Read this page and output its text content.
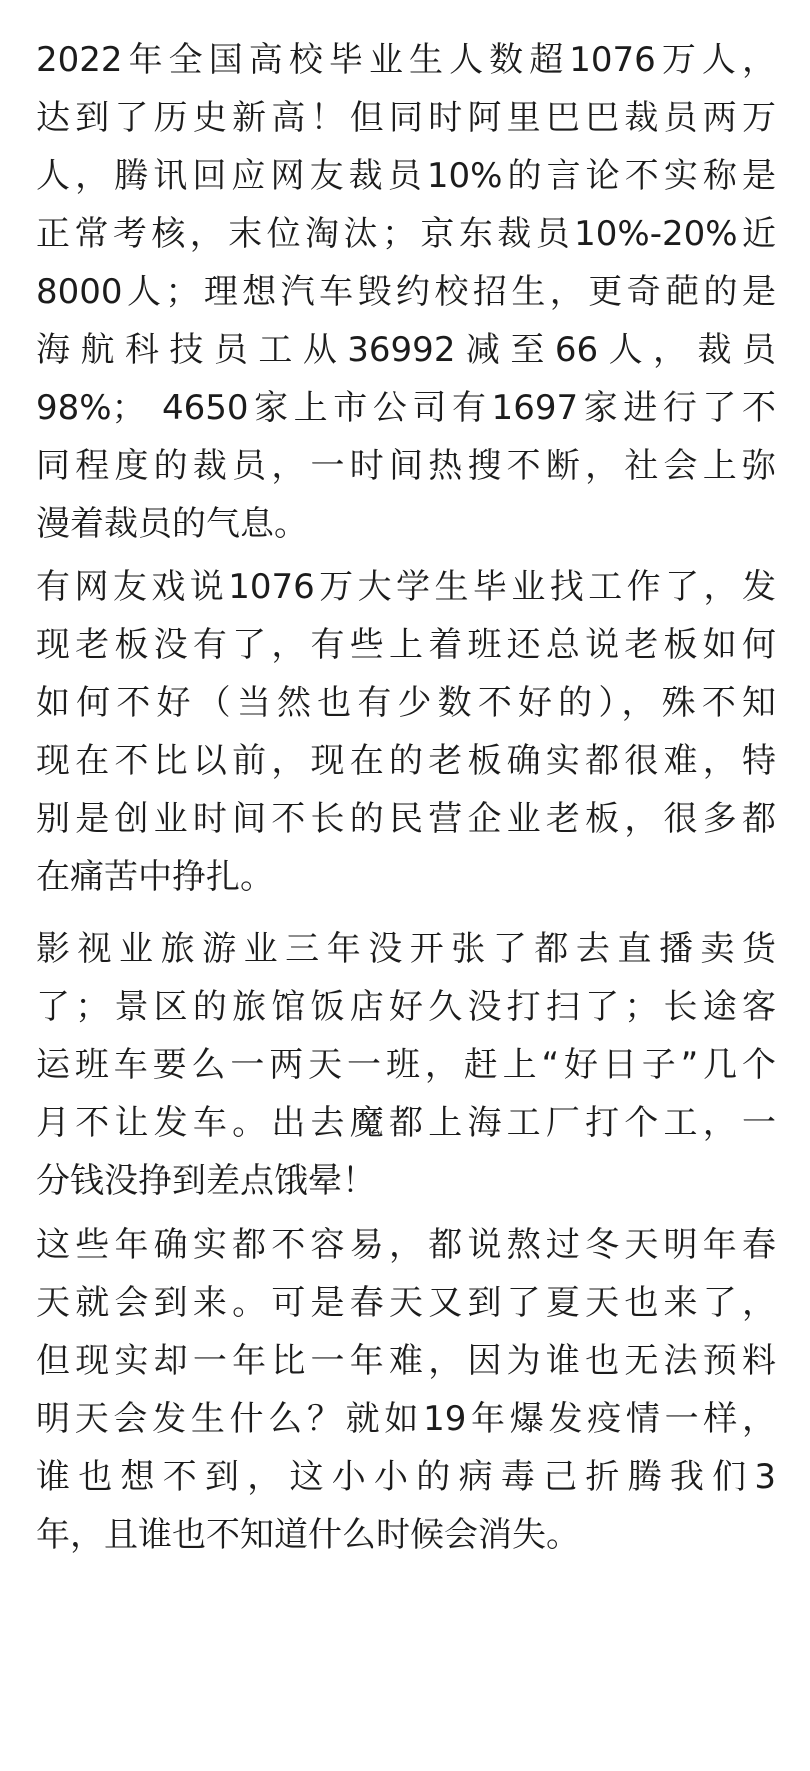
2022年全国高校毕业生人数超1076万人，
达到了历史新高！但同时阿里巴巴裁员两万
人，腾讯回应网友裁员10%的言论不实称是
正常考核，末位淘汰；京东裁员10%-20%近
8000人；理想汽车毁约校招生，更奇葩的是
海航科技员工从36992减至66人，裁员
98%； 4650家上市公司有1697家进行了不
同程度的裁员，一时间热搜不断，社会上弥
漫着裁员的气息。
有网友戏说1076万大学生毕业找工作了，发
现老板没有了，有些上着班还总说老板如何
如何不好（当然也有少数不好的），殊不知
现在不比以前，现在的老板确实都很难，特
别是创业时间不长的民营企业老板，很多都
在痛苦中挣扎。
影视业旅游业三年没开张了都去直播卖货
了；景区的旅馆饭店好久没打扫了；长途客
运班车要么一两天一班，赶上“好日子”几个
月不让发车。出去魔都上海工厂打个工，一
分钱没挣到差点饿晕！
这些年确实都不容易，都说熬过冬天明年春
天就会到来。可是春天又到了夏天也来了，
但现实却一年比一年难，因为谁也无法预料
明天会发生什么？就如19年爆发疫情一样，
谁也想不到，这小小的病毒己折腾我们3
年，且谁也不知道什么时候会消失。
